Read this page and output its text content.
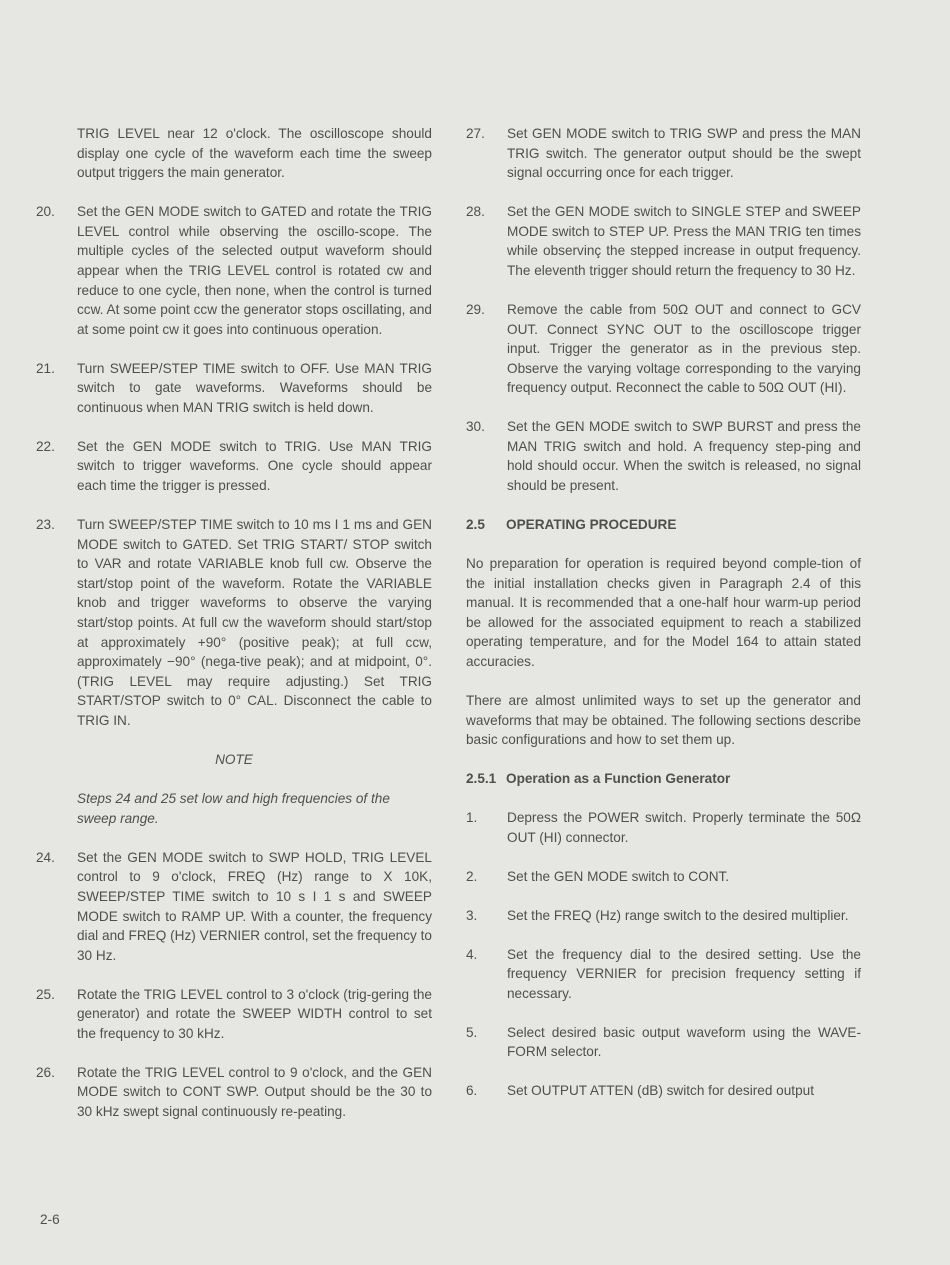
TRIG LEVEL near 12 o'clock. The oscilloscope should display one cycle of the waveform each time the sweep output triggers the main generator.
20.	Set the GEN MODE switch to GATED and rotate the TRIG LEVEL control while observing the oscillo-scope. The multiple cycles of the selected output waveform should appear when the TRIG LEVEL control is rotated cw and reduce to one cycle, then none, when the control is turned ccw. At some point ccw the generator stops oscillating, and at some point cw it goes into continuous operation.
21.	Turn SWEEP/STEP TIME switch to OFF. Use MAN TRIG switch to gate waveforms. Waveforms should be continuous when MAN TRIG switch is held down.
22.	Set the GEN MODE switch to TRIG. Use MAN TRIG switch to trigger waveforms. One cycle should appear each time the trigger is pressed.
23.	Turn SWEEP/STEP TIME switch to 10 ms I 1 ms and GEN MODE switch to GATED. Set TRIG START/ STOP switch to VAR and rotate VARIABLE knob full cw. Observe the start/stop point of the waveform. Rotate the VARIABLE knob and trigger waveforms to observe the varying start/stop points. At full cw the waveform should start/stop at approximately +90° (positive peak); at full ccw, approximately −90° (nega-tive peak); and at midpoint, 0°. (TRIG LEVEL may require adjusting.) Set TRIG START/STOP switch to 0° CAL. Disconnect the cable to TRIG IN.
NOTE
Steps 24 and 25 set low and high frequencies of the sweep range.
24.	Set the GEN MODE switch to SWP HOLD, TRIG LEVEL control to 9 o'clock, FREQ (Hz) range to X 10K, SWEEP/STEP TIME switch to 10 s I 1 s and SWEEP MODE switch to RAMP UP. With a counter, the frequency dial and FREQ (Hz) VERNIER control, set the frequency to 30 Hz.
25.	Rotate the TRIG LEVEL control to 3 o'clock (trig-gering the generator) and rotate the SWEEP WIDTH control to set the frequency to 30 kHz.
26.	Rotate the TRIG LEVEL control to 9 o'clock, and the GEN MODE switch to CONT SWP. Output should be the 30 to 30 kHz swept signal continuously re-peating.
27.	Set GEN MODE switch to TRIG SWP and press the MAN TRIG switch. The generator output should be the swept signal occurring once for each trigger.
28.	Set the GEN MODE switch to SINGLE STEP and SWEEP MODE switch to STEP UP. Press the MAN TRIG ten times while observinç the stepped increase in output frequency. The eleventh trigger should return the frequency to 30 Hz.
29.	Remove the cable from 50Ω OUT and connect to GCV OUT. Connect SYNC OUT to the oscilloscope trigger input. Trigger the generator as in the previous step. Observe the varying voltage corresponding to the varying frequency output. Reconnect the cable to 50Ω OUT (HI).
30.	Set the GEN MODE switch to SWP BURST and press the MAN TRIG switch and hold. A frequency step-ping and hold should occur. When the switch is released, no signal should be present.
2.5	OPERATING PROCEDURE
No preparation for operation is required beyond comple-tion of the initial installation checks given in Paragraph 2.4 of this manual. It is recommended that a one-half hour warm-up period be allowed for the associated equipment to reach a stabilized operating temperature, and for the Model 164 to attain stated accuracies.
There are almost unlimited ways to set up the generator and waveforms that may be obtained. The following sections describe basic configurations and how to set them up.
2.5.1 Operation as a Function Generator
1.	Depress the POWER switch. Properly terminate the 50Ω OUT (HI) connector.
2.	Set the GEN MODE switch to CONT.
3.	Set the FREQ (Hz) range switch to the desired multiplier.
4.	Set the frequency dial to the desired setting. Use the frequency VERNIER for precision frequency setting if necessary.
5.	Select desired basic output waveform using the WAVE-FORM selector.
6.	Set OUTPUT ATTEN (dB) switch for desired output
2-6
